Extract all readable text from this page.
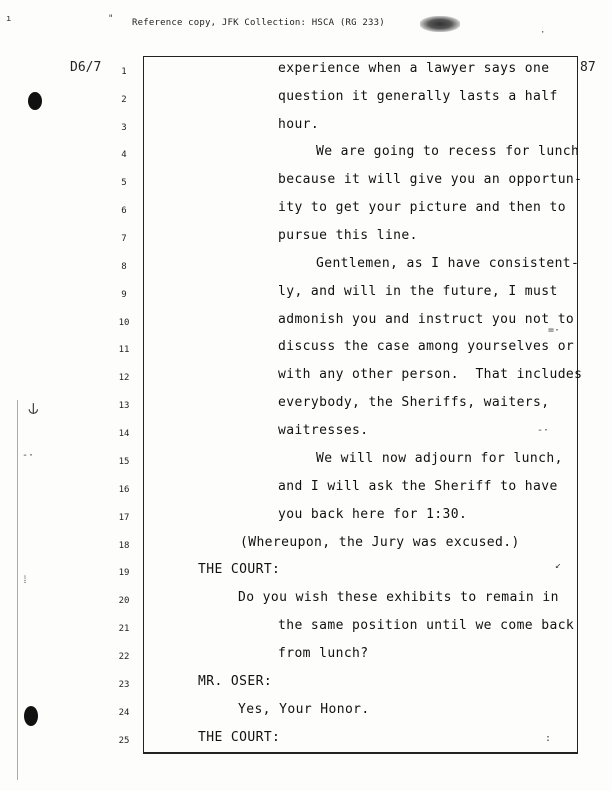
ı	"
·
⫝
-·
⁞
=·
-·
↙
:
Reference copy, JFK Collection: HSCA (RG 233)
D6/7	87
1
2
3
4
5
6
7
8
9
10
11
12
13
14
15
16
17
18
19
20
21
22
23
24
25
experience when a lawyer says one
question it generally lasts a half
hour.
We are going to recess for lunch
because it will give you an opportun-
ity to get your picture and then to
pursue this line.
Gentlemen, as I have consistent-
ly, and will in the future, I must
admonish you and instruct you not to
discuss the case among yourselves or
with any other person.  That includes
everybody, the Sheriffs, waiters,
waitresses.
We will now adjourn for lunch,
and I will ask the Sheriff to have
you back here for 1:30.
(Whereupon, the Jury was excused.)
THE COURT:
Do you wish these exhibits to remain in
the same position until we come back
from lunch?
MR. OSER:
Yes, Your Honor.
THE COURT:
